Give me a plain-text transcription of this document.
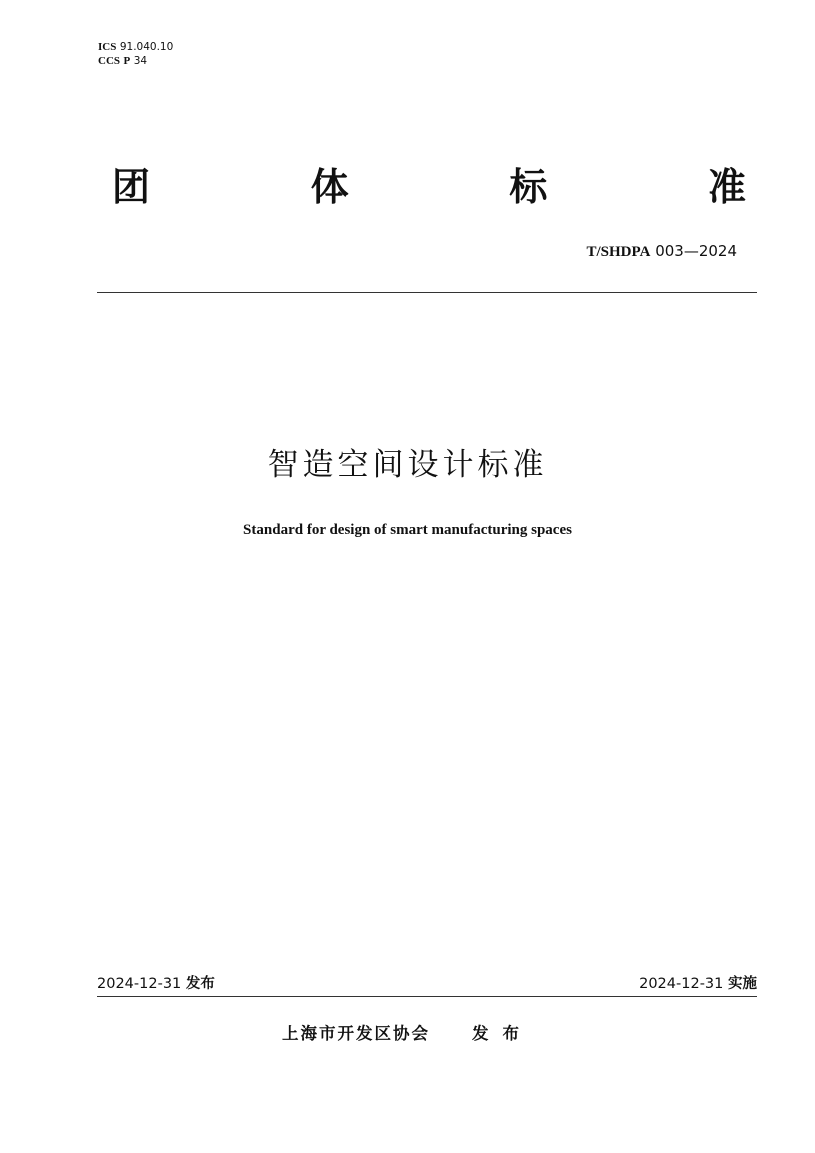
ICS 91.040.10
CCS P 34
团	体	标	准
T/SHDPA 003—2024
智造空间设计标准
Standard for design of smart manufacturing spaces
2024-12-31 发布	2024-12-31 实施
上海市开发区协会	发布
